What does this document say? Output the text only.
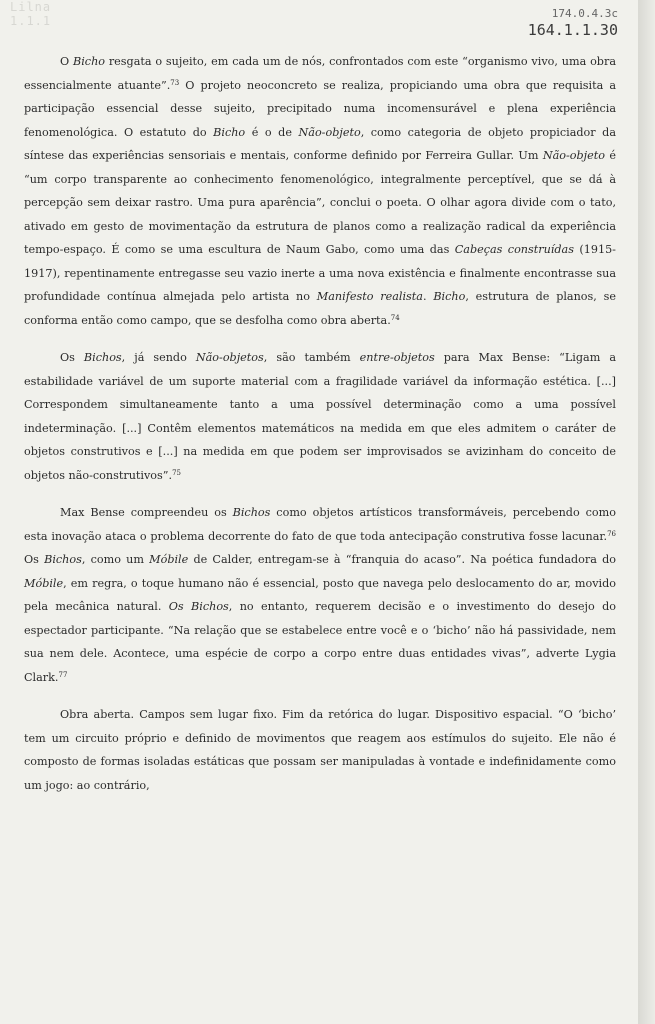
Lilna
1.1.1
174.0.4.3c
164.1.1.30

O Bicho resgata o sujeito, em cada um de nós, confrontados com este “organismo vivo, uma obra essencialmente atuante”.$^{73}$ O projeto neoconcreto se realiza, propiciando uma obra que requisita a participação essencial desse sujeito, precipitado numa incomensurável e plena experiência fenomenológica. O estatuto do Bicho é o de Não-objeto, como categoria de objeto propiciador da síntese das experiências sensoriais e mentais, conforme definido por Ferreira Gullar. Um Não-objeto é “um corpo transparente ao conhecimento fenomenológico, integralmente perceptível, que se dá à percepção sem deixar rastro. Uma pura aparência”, conclui o poeta. O olhar agora divide com o tato, ativado em gesto de movimentação da estrutura de planos como a realização radical da experiência tempo-espaço. É como se uma escultura de Naum Gabo, como uma das Cabeças construídas (1915-1917), repentinamente entregasse seu vazio inerte a uma nova existência e finalmente encontrasse sua profundidade contínua almejada pelo artista no Manifesto realista. Bicho, estrutura de planos, se conforma então como campo, que se desfolha como obra aberta.$^{74}$

Os Bichos, já sendo Não-objetos, são também entre-objetos para Max Bense: “Ligam a estabilidade variável de um suporte material com a fragilidade variável da informação estética. [...] Correspondem simultaneamente tanto a uma possível determinação como a uma possível indeterminação. [...] Contêm elementos matemáticos na medida em que eles admitem o caráter de objetos construtivos e [...] na medida em que podem ser improvisados se avizinham do conceito de objetos não-construtivos”.$^{75}$

Max Bense compreendeu os Bichos como objetos artísticos transformáveis, percebendo como esta inovação ataca o problema decorrente do fato de que toda antecipação construtiva fosse lacunar.$^{76}$ Os Bichos, como um Móbile de Calder, entregam-se à “franquia do acaso”. Na poética fundadora do Móbile, em regra, o toque humano não é essencial, posto que navega pelo deslocamento do ar, movido pela mecânica natural. Os Bichos, no entanto, requerem decisão e o investimento do desejo do espectador participante. “Na relação que se estabelece entre você e o ‘bicho’ não há passividade, nem sua nem dele. Acontece, uma espécie de corpo a corpo entre duas entidades vivas”, adverte Lygia Clark.$^{77}$

Obra aberta. Campos sem lugar fixo. Fim da retórica do lugar. Dispositivo espacial. “O ‘bicho’ tem um circuito próprio e definido de movimentos que reagem aos estímulos do sujeito. Ele não é composto de formas isoladas estáticas que possam ser manipuladas à vontade e indefinidamente como um jogo: ao contrário,
